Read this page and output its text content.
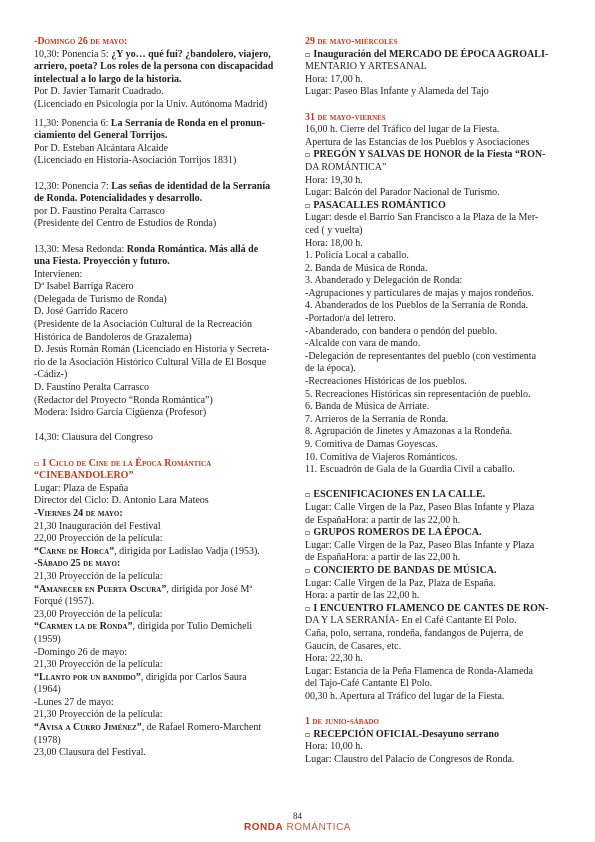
-Domingo 26 de mayo:
10,30: Ponencia 5: ¿Y yo… qué fui? ¿bandolero, viajero,
arriero, poeta? Los roles de la persona con discapacidad
intelectual a lo largo de la historia.
Por D. Javier Tamarit Cuadrado.
(Licenciado en Psicología por la Univ. Autónoma Madrid)
11,30: Ponencia 6: La Serranía de Ronda en el pronun-
ciamiento del General Torrijos.
Por D. Esteban Alcántara Alcaide
(Licenciado en Historia-Asociación Torrijos 1831)
12,30: Ponencia 7: Las señas de identidad de la Serranía
de Ronda. Potencialidades y desarrollo.
por D. Faustino Peralta Carrasco
(Presidente del Centro de Estudios de Ronda)
13,30: Mesa Redonda: Ronda Romántica. Más allá de
una Fiesta. Proyección y futuro.
Intervienen:
Dª Isabel Barriga Racero
(Delegada de Turismo de Ronda)
D. José Garrido Racero
(Presidente de la Asociación Cultural de la Recreación
Histórica de Bandoleros de Grazalema)
D. Jesús Román Román (Licenciado en Historia y Secreta-
rio de la Asociación Histórico Cultural Villa de El Bosque
-Cádiz-)
D. Faustino Peralta Carrasco
(Redactor del Proyecto “Ronda Romántica”)
Modera: Isidro García Cigüenza (Profesor)
14,30: Clausura del Congreso
▫ I Ciclo de Cine de la Época Romántica
“CINEBANDOLERO”
Lugar: Plaza de España
Director del Ciclo: D. Antonio Lara Mateos
-Viernes 24 de mayo:
21,30 Inauguración del Festival
22,00 Proyección de la película:
“Carne de Horca”, dirigida por Ladislao Vadja (1953).
-Sábado 25 de mayo:
21,30 Proyección de la película:
“Amanecer en Puerta Oscura”, dirigida por José Mª
Forqué (1957).
23,00 Proyección de la película:
“Carmen la de Ronda”, dirigida por Tulio Demicheli
(1959)
-Domingo 26 de mayo:
21,30 Proyección de la película:
“Llanto por un bandido”, dirigida por Carlos Saura
(1964)
-Lunes 27 de mayo:
21,30 Proyección de la película:
“Avisa a Curro Jiménez”, de Rafael Romero-Marchent
(1978)
23,00 Clausura del Festival.
29 de mayo-miércoles
▫ Inauguración del MERCADO DE ÉPOCA AGROALI-
MENTARIO Y ARTESANAL
Hora: 17,00 h.
Lugar: Paseo Blas Infante y Alameda del Tajo
31 de mayo-viernes
16,00 h. Cierre del Tráfico del lugar de la Fiesta.
Apertura de las Estancias de los Pueblos y Asociaciones
▫ PREGÓN Y SALVAS DE HONOR de la Fiesta “RON-
DA ROMÁNTICA”
Hora: 19,30 h.
Lugar: Balcón del Parador Nacional de Turismo.
▫ PASACALLES ROMÁNTICO
Lugar: desde el Barrio San Francisco a la Plaza de la Mer-
ced ( y vuelta)
Hora: 18,00 h.
1. Policía Local a caballo.
2. Banda de Música de Ronda.
3. Abanderado y Delegación de Ronda:
-Agrupaciones y particulares de majas y majos rondeños.
4. Abanderados de los Pueblos de la Serranía de Ronda.
-Portador/a del letrero.
-Abanderado, con bandera o pendón del pueblo.
-Alcalde con vara de mando.
-Delegación de representantes del pueblo (con vestimenta
de la época).
-Recreaciones Históricas de los pueblos.
5. Recreaciones Históricas sin representación de pueblo.
6. Banda de Música de Arriate.
7. Arrieros de la Serranía de Ronda.
8. Agrupación de Jinetes y Amazonas a la Rondeña.
9. Comitiva de Damas Goyescas.
10. Comitiva de Viajeros Románticos.
11. Escuadrón de Gala de la Guardia Civil a caballo.
▫ ESCENIFICACIONES EN LA CALLE.
Lugar: Calle Virgen de la Paz, Paseo Blas Infante y Plaza
de EspañaHora: a partir de las 22,00 h.
▫ GRUPOS ROMEROS DE LA ÉPOCA.
Lugar: Calle Virgen de la Paz, Paseo Blas Infante y Plaza
de EspañaHora: a partir de las 22,00 h.
▫ CONCIERTO DE BANDAS DE MÚSICA.
Lugar: Calle Virgen de la Paz, Plaza de España.
Hora: a partir de las 22,00 h.
▫ I ENCUENTRO FLAMENCO DE CANTES DE RON-
DA Y LA SERRANÍA- En el Café Cantante El Polo.
Caña, polo, serrana, rondeña, fandangos de Pujerra, de
Gaucín, de Casares, etc.
Hora: 22,30 h.
Lugar: Estancia de la Peña Flamenca de Ronda-Alameda
del Tajo-Café Cantante El Polo.
00,30 h. Apertura al Tráfico del lugar de la Fiesta.
1 de junio-sábado
▫ RECEPCIÓN OFICIAL-Desayuno serrano
Hora: 10,00 h.
Lugar: Claustro del Palacio de Congresos de Ronda.
84
RONDA ROMÁNTICA
